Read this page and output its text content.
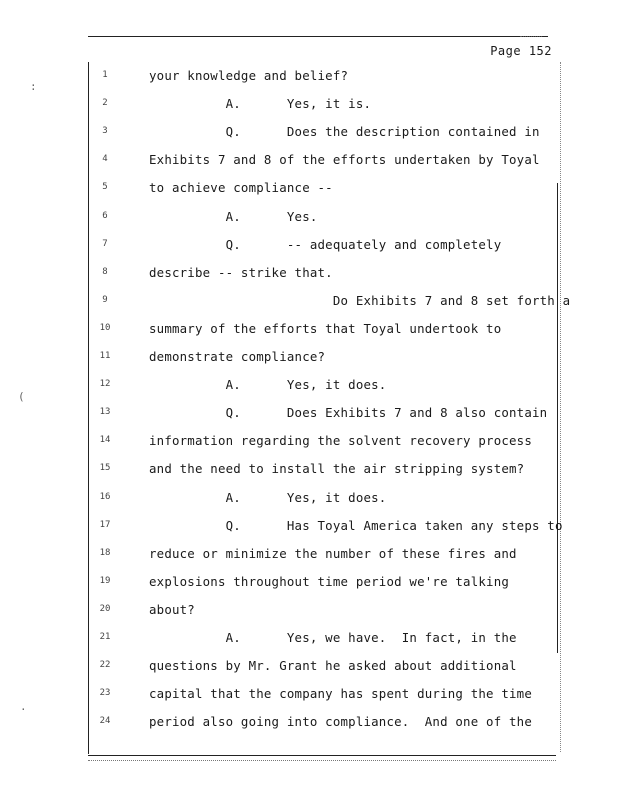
Page 152
(
.
:
1	your knowledge and belief?
2	A.      Yes, it is.
3	Q.      Does the description contained in
4	Exhibits 7 and 8 of the efforts undertaken by Toyal
5	to achieve compliance --
6	A.      Yes.
7	Q.      -- adequately and completely
8	describe -- strike that.
9	Do Exhibits 7 and 8 set forth a
10	summary of the efforts that Toyal undertook to
11	demonstrate compliance?
12	A.      Yes, it does.
13	Q.      Does Exhibits 7 and 8 also contain
14	information regarding the solvent recovery process
15	and the need to install the air stripping system?
16	A.      Yes, it does.
17	Q.      Has Toyal America taken any steps to
18	reduce or minimize the number of these fires and
19	explosions throughout time period we're talking
20	about?
21	A.      Yes, we have.  In fact, in the
22	questions by Mr. Grant he asked about additional
23	capital that the company has spent during the time
24	period also going into compliance.  And one of the
